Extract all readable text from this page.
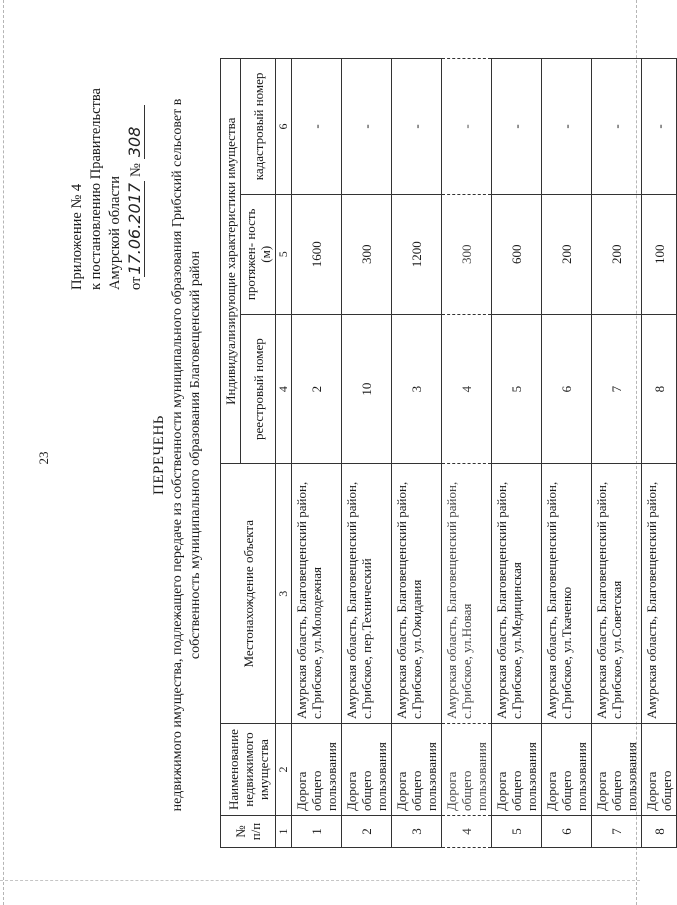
23
Приложение № 4 к постановлению Правительства Амурской области от
17.06.2017
№
308
ПЕРЕЧЕНЬ недвижимого имущества, подлежащего передаче из собственности муниципального образования Грибский сельсовет в собственность муниципального образования Благовещенский район
№ п/п	Наименование недвижимого имущества	Местонахождение объекта	Индивидуализирующие характеристики имущества		
			реестровый номер	протяжен- ность (м)	кадастровый номер
1	2	3	4	5	6
1	Дорога общего пользования	Амурская область, Благовещенский район, с.Грибское, ул.Молодежная	2	1600	-
2	Дорога общего пользования	Амурская область, Благовещенский район, с.Грибское, пер.Технический	10	300	-
3	Дорога общего пользования	Амурская область, Благовещенский район, с.Грибское, ул.Ожидания	3	1200	-
4	Дорога общего пользования	Амурская область, Благовещенский район, с.Грибское, ул.Новая	4	300	-
5	Дорога общего пользования	Амурская область, Благовещенский район, с.Грибское, ул.Медицинская	5	600	-
6	Дорога общего пользования	Амурская область, Благовещенский район, с.Грибское, ул.Ткаченко	6	200	-
7	Дорога общего пользования	Амурская область, Благовещенский район, с.Грибское, ул.Советская	7	200	-
8	Дорога общего	Амурская область, Благовещенский район,	8	100	-
